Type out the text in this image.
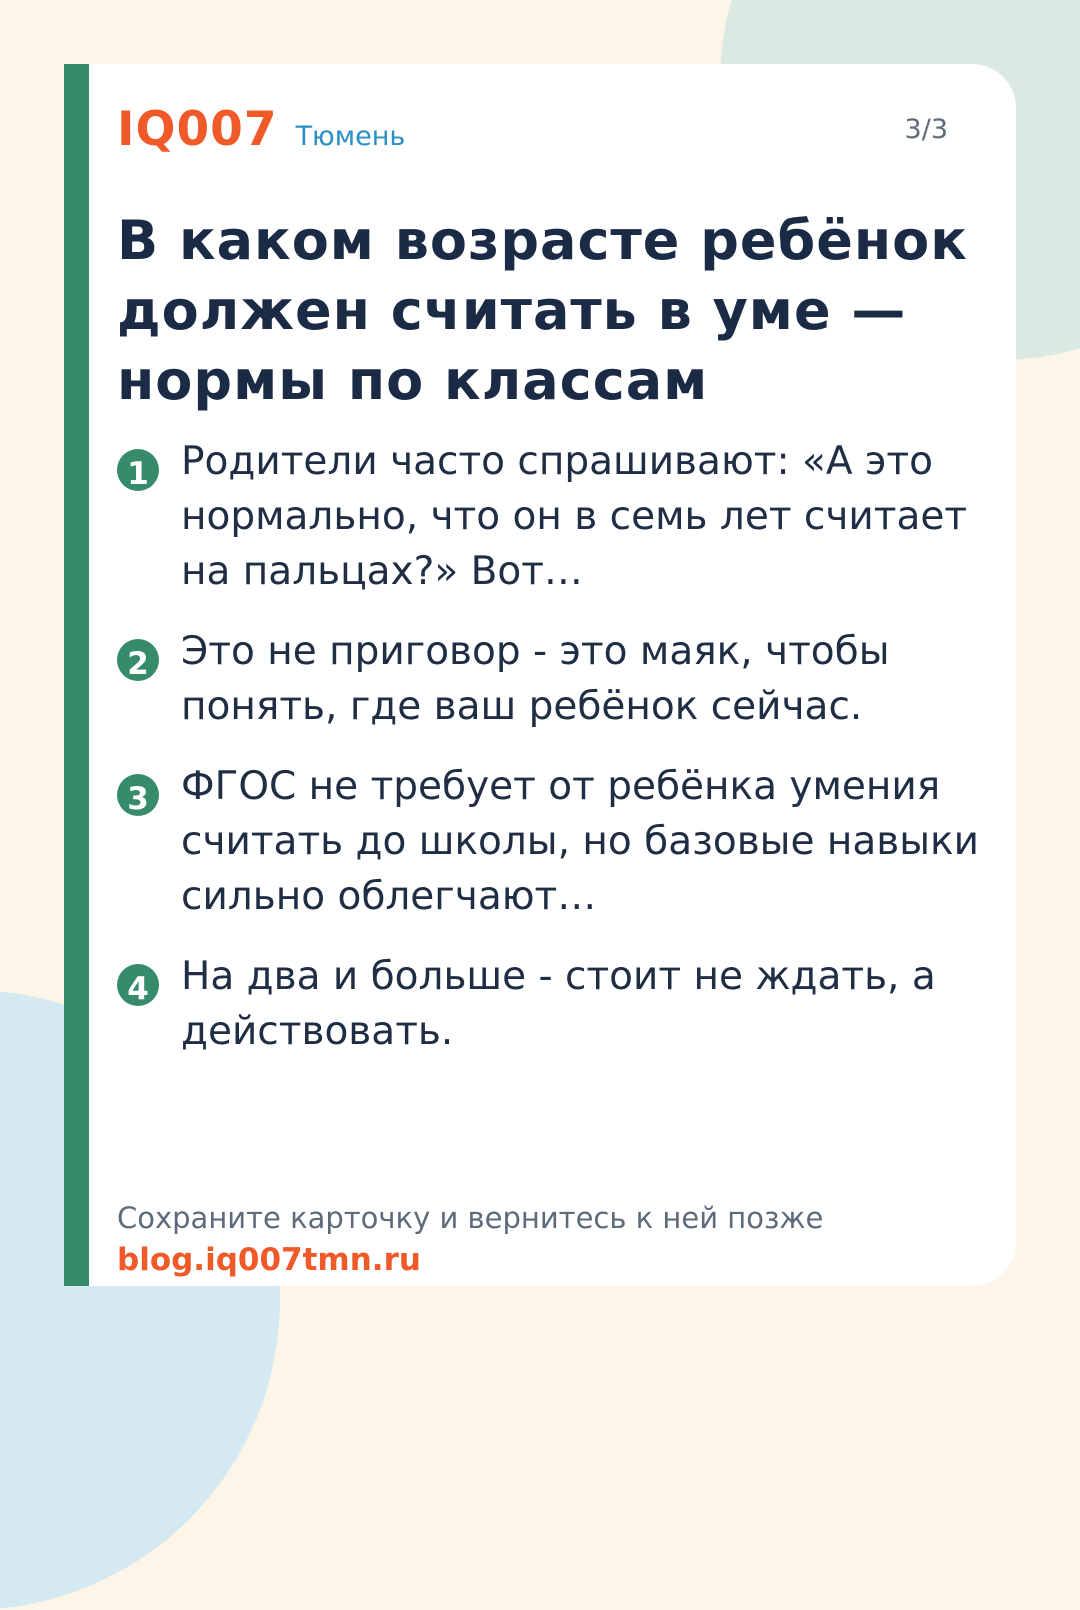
IQ007 Тюмень	3/3
В каком возрасте ребёнок должен считать в уме — нормы по классам
1 Родители часто спрашивают: «А это нормально, что он в семь лет считает на пальцах?» Вот…
2 Это не приговор - это маяк, чтобы понять, где ваш ребёнок сейчас.
3 ФГОС не требует от ребёнка умения считать до школы, но базовые навыки сильно облегчают…
4 На два и больше - стоит не ждать, а действовать.
Сохраните карточку и вернитесь к ней позже
blog.iq007tmn.ru
